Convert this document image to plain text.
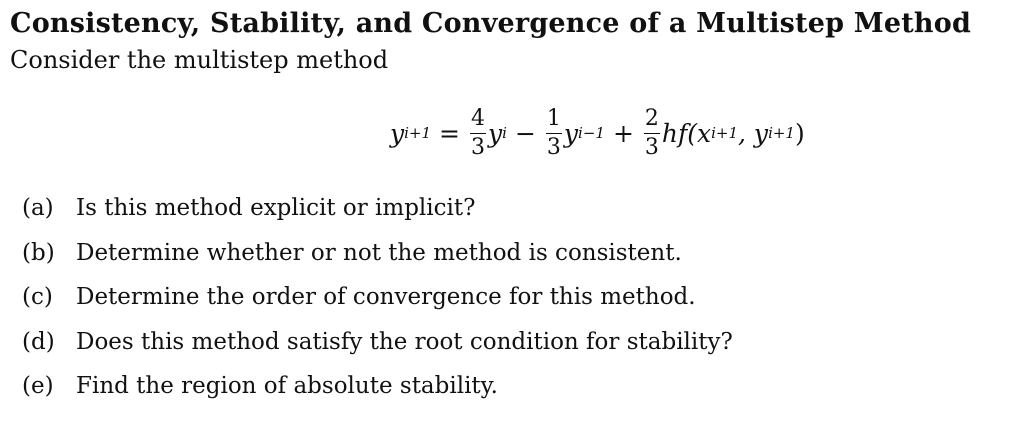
Consistency, Stability, and Convergence of a Multistep Method
Consider the multistep method
y $i+1 = \frac{4}{3}$ y $i - \frac{1}{3}$ y $i-1 + \frac{2}{3} hf(x$ i+1 , y i+1 )
(a) Is this method explicit or implicit?
(b) Determine whether or not the method is consistent.
(c)	Determine the order of convergence for this method.
(d) Does this method satisfy the root condition for stability?
(e) Find the region of absolute stability.
